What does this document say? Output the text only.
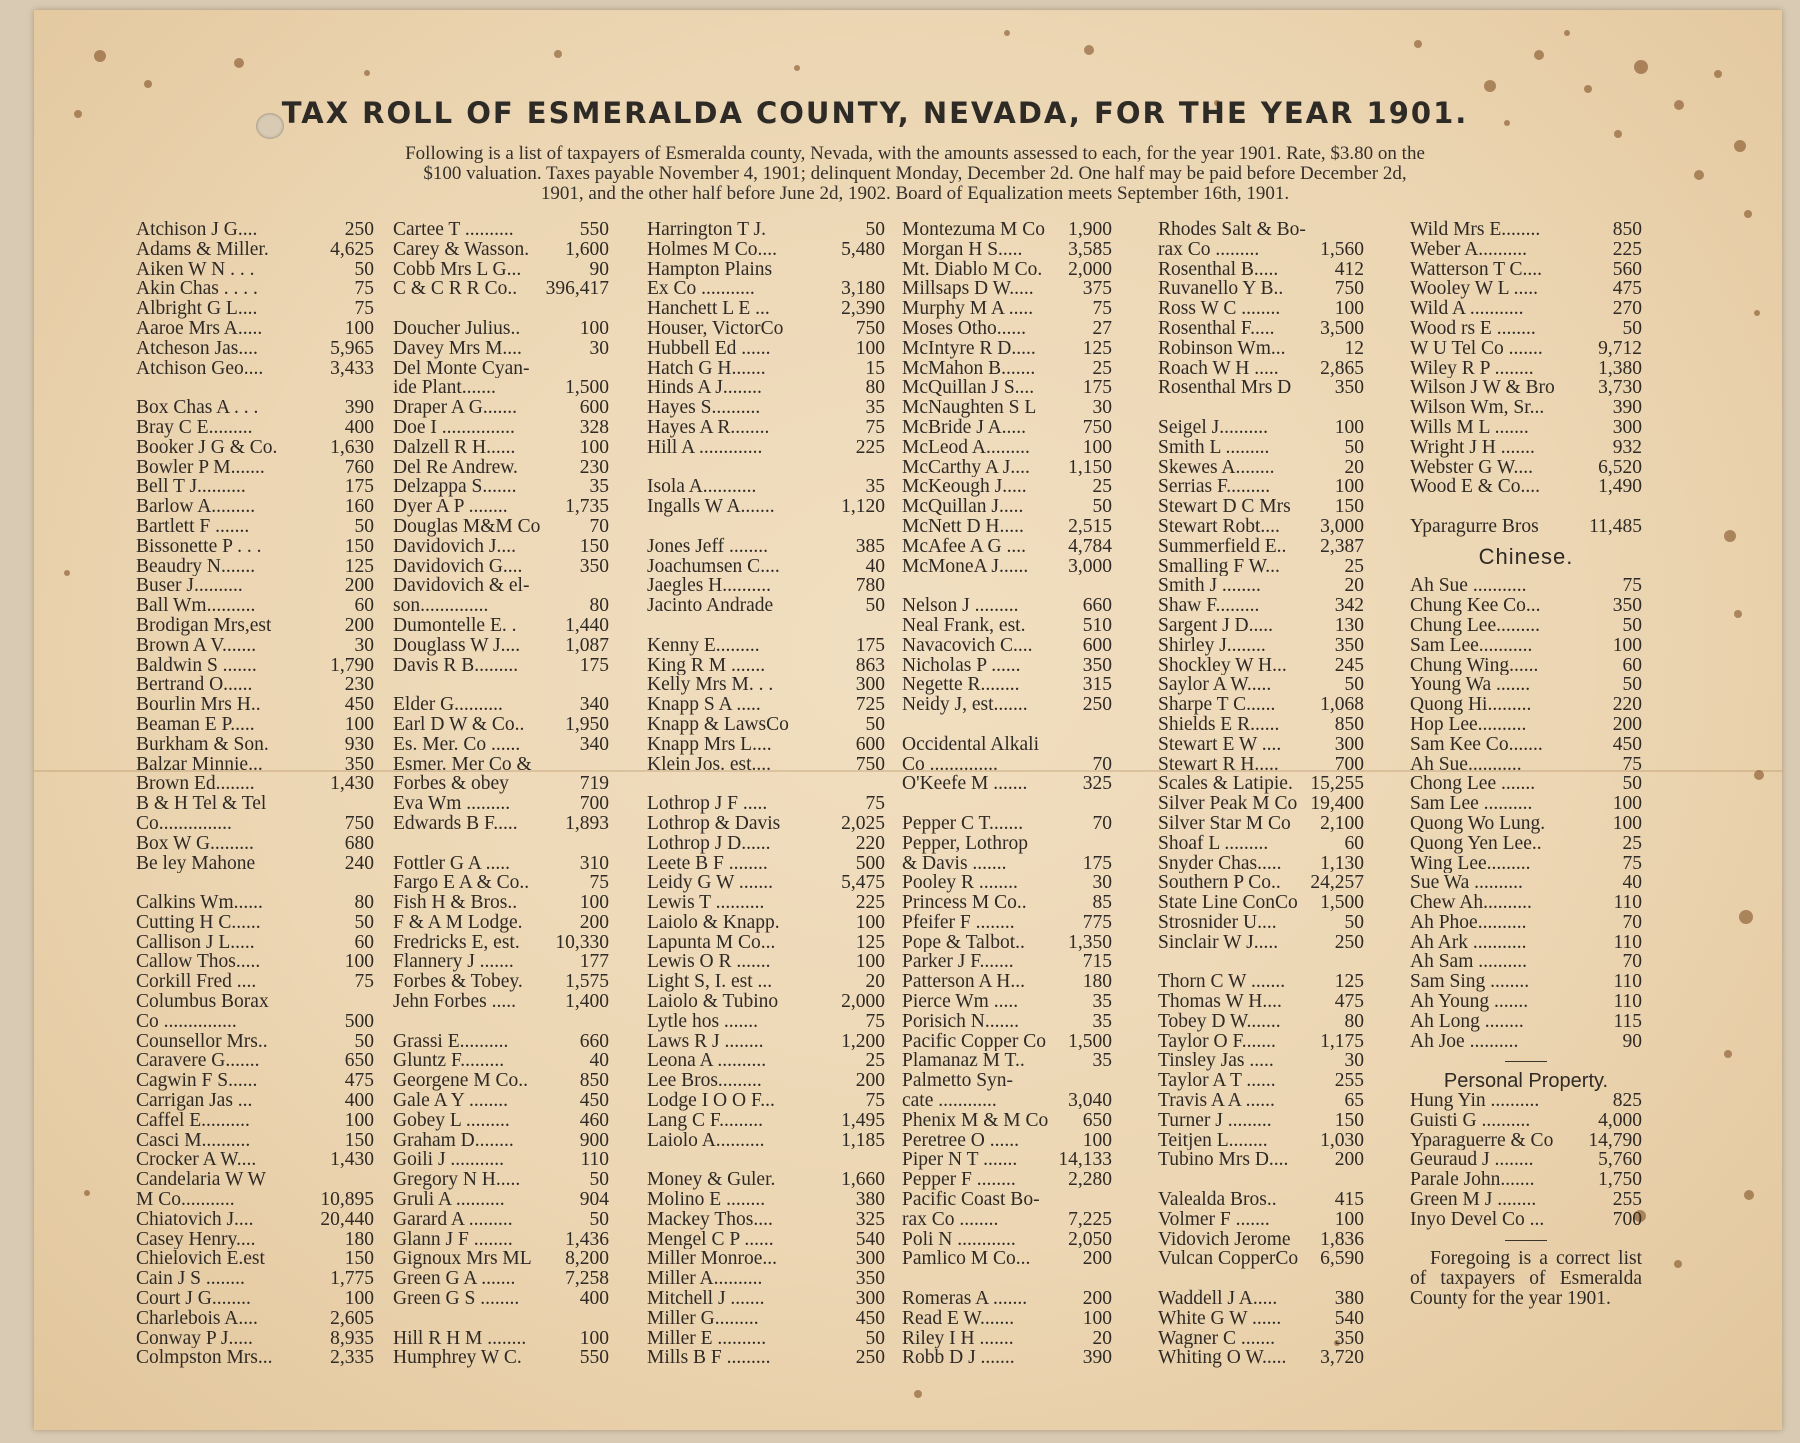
TAX ROLL OF ESMERALDA COUNTY, NEVADA, FOR THE YEAR 1901.
Following is a list of taxpayers of Esmeralda county, Nevada, with the amounts assessed to each, for the year 1901. Rate, $3.80 on the
$100 valuation. Taxes payable November 4, 1901; delinquent Monday, December 2d. One half may be paid before December 2d,
1901, and the other half before June 2d, 1902. Board of Equalization meets September 16th, 1901.
Atchison J G....	250
Adams & Miller.	4,625
Aiken W N . . .	50
Akin Chas . . . .	75
Albright G L....	75
Aaroe Mrs A.....	100
Atcheson Jas....	5,965
Atchison Geo....	3,433
Box Chas A . . .	390
Bray C E.........	400
Booker J G & Co.	1,630
Bowler P M.......	760
Bell T J..........	175
Barlow A.........	160
Bartlett F .......	50
Bissonette P . . .	150
Beaudry N.......	125
Buser J..........	200
Ball Wm..........	60
Brodigan Mrs,est	200
Brown A V.......	30
Baldwin S .......	1,790
Bertrand O......	230
Bourlin Mrs H..	450
Beaman E P.....	100
Burkham & Son.	930
Balzar Minnie...	350
Brown Ed........	1,430
B & H Tel & Tel
Co...............	750
Box W G.........	680
Be ley Mahone	240
Calkins Wm......	80
Cutting H C......	50
Callison J L.....	60
Callow Thos.....	100
Corkill Fred ....	75
Columbus Borax
Co ...............	500
Counsellor Mrs..	50
Caravere G.......	650
Cagwin F S......	475
Carrigan Jas ...	400
Caffel E..........	100
Casci M..........	150
Crocker A W....	1,430
Candelaria W W
M Co...........	10,895
Chiatovich J....	20,440
Casey Henry....	180
Chielovich E.est	150
Cain J S ........	1,775
Court J G........	100
Charlebois A....	2,605
Conway P J.....	8,935
Colmpston Mrs...	2,335
Cartee T ..........	550
Carey & Wasson. 1,600
Cobb Mrs L G...	90
C & C R R Co.. 396,417
Doucher Julius..	100
Davey Mrs M....	30
Del Monte Cyan-
ide Plant.......	1,500
Draper A G.......	600
Doe I ...............	328
Dalzell R H......	100
Del Re Andrew.	230
Delzappa S.......	35
Dyer A P ........	1,735
Douglas M&M Co	70
Davidovich J....	150
Davidovich G....	350
Davidovich & el-
son..............	80
Dumontelle E. . 1,440
Douglass W J.... 1,087
Davis R B.........	175
Elder G..........	340
Earl D W & Co.. 1,950
Es. Mer. Co ......	340
Esmer. Mer Co &
Forbes & obey	719
Eva Wm .........	700
Edwards B F..... 1,893
Fottler G A .....	310
Fargo E A & Co..	75
Fish H & Bros..	100
F & A M Lodge.	200
Fredricks E, est. 10,330
Flannery J .......	177
Forbes & Tobey. 1,575
Jehn Forbes .....	1,400
Grassi E..........	660
Gluntz F.........	40
Georgene M Co..	850
Gale A Y ........	450
Gobey L .........	460
Graham D........	900
Goili J ...........	110
Gregory N H.....	50
Gruli A ..........	904
Garard A .........	50
Glann J F ........	1,436
Gignoux Mrs ML 8,200
Green G A .......	7,258
Green G S ........	400
Hill R H M ........	100
Humphrey W C.	550
Harrington T J.	50
Holmes M Co....	5,480
Hampton Plains
Ex Co ...........	3,180
Hanchett L E ...	2,390
Houser, VictorCo	750
Hubbell Ed ......	100
Hatch G H.......	15
Hinds A J........	80
Hayes S..........	35
Hayes A R........	75
Hill A .............	225
Isola A...........	35
Ingalls W A.......	1,120
Jones Jeff ........	385
Joachumsen C....	40
Jaegles H..........	780
Jacinto Andrade	50
Kenny E.........	175
King R M .......	863
Kelly Mrs M. . .	300
Knapp S A .....	725
Knapp & LawsCo	50
Knapp Mrs L....	600
Klein Jos. est....	750
Lothrop J F .....	75
Lothrop & Davis	2,025
Lothrop J D......	220
Leete B F ........	500
Leidy G W .......	5,475
Lewis T ..........	225
Laiolo & Knapp.	100
Lapunta M Co...	125
Lewis O R .......	100
Light S, I. est ...	20
Laiolo & Tubino	2,000
Lytle hos .......	75
Laws R J ........	1,200
Leona A ..........	25
Lee Bros.........	200
Lodge I O O F...	75
Lang C F.........	1,495
Laiolo A..........	1,185
Money & Guler.	1,660
Molino E ........	380
Mackey Thos....	325
Mengel C P ......	540
Miller Monroe...	300
Miller A..........	350
Mitchell J .......	300
Miller G.........	450
Miller E ..........	50
Mills B F .........	250
Montezuma M Co 1,900
Morgan H S..... 3,585
Mt. Diablo M Co. 2,000
Millsaps D W.....	375
Murphy M A .....	75
Moses Otho......	27
McIntyre R D..... 125
McMahon B.......	25
McQuillan J S.... 175
McNaughten S L	30
McBride J A.....	750
McLeod A.........	100
McCarthy A J.... 1,150
McKeough J.....	25
McQuillan J.....	50
McNett D H..... 2,515
McAfee A G .... 4,784
McMoneA J...... 3,000
Nelson J .........	660
Neal Frank, est.	510
Navacovich C....	600
Nicholas P ......	350
Negette R........	315
Neidy J, est.......	250
Occidental Alkali
Co ..............	70
O'Keefe M .......	325
Pepper C T.......	70
Pepper, Lothrop
& Davis .......	175
Pooley R ........	30
Princess M Co..	85
Pfeifer F ........	775
Pope & Talbot.. 1,350
Parker J F.......	715
Patterson A H...	180
Pierce Wm .....	35
Porisich N.......	35
Pacific Copper Co 1,500
Plamanaz M T..	35
Palmetto Syn-
cate ............	3,040
Phenix M & M Co 650
Peretree O ......	100
Piper N T ....... 14,133
Pepper F ........	2,280
Pacific Coast Bo-
rax Co ........	7,225
Poli N ............	2,050
Pamlico M Co...	200
Romeras A .......	200
Read E W.......	100
Riley I H .......	20
Robb D J .......	390
Rhodes Salt & Bo-
rax Co .........	1,560
Rosenthal B.....	412
Ruvanello Y B..	750
Ross W C ........	100
Rosenthal F..... 3,500
Robinson Wm...	12
Roach W H ..... 2,865
Rosenthal Mrs D 350
Seigel J..........	100
Smith L .........	50
Skewes A........	20
Serrias F.........	100
Stewart D C Mrs 150
Stewart Robt.... 3,000
Summerfield E.. 2,387
Smalling F W...	25
Smith J ........	20
Shaw F.........	342
Sargent J D.....	130
Shirley J........	350
Shockley W H... 245
Saylor A W.....	50
Sharpe T C...... 1,068
Shields E R......	850
Stewart E W ....	300
Stewart R H.....	700
Scales & Latipie. 15,255
Silver Peak M Co 19,400
Silver Star M Co 2,100
Shoaf L .........	60
Snyder Chas..... 1,130
Southern P Co.. 24,257
State Line ConCo 1,500
Strosnider U....	50
Sinclair W J.....	250
Thorn C W .......	125
Thomas W H....	475
Tobey D W.......	80
Taylor O F....... 1,175
Tinsley Jas .....	30
Taylor A T ......	255
Travis A A ......	65
Turner J .........	150
Teitjen L........	1,030
Tubino Mrs D.... 200
Valealda Bros..	415
Volmer F .......	100
Vidovich Jerome 1,836
Vulcan CopperCo 6,590
Waddell J A.....	380
White G W ......	540
Wagner C .......	350
Whiting O W..... 3,720
Wild Mrs E........	850
Weber A..........	225
Watterson T C....	560
Wooley W L .....	475
Wild A ...........	270
Wood rs E ........	50
W U Tel Co .......	9,712
Wiley R P ........	1,380
Wilson J W & Bro 3,730
Wilson Wm, Sr...	390
Wills M L .......	300
Wright J H .......	932
Webster G W....	6,520
Wood E & Co....	1,490
Yparagurre Bros	11,485
Chinese.
Ah Sue ...........	75
Chung Kee Co...	350
Chung Lee.........	50
Sam Lee...........	100
Chung Wing......	60
Young Wa .......	50
Quong Hi.........	220
Hop Lee..........	200
Sam Kee Co.......	450
Ah Sue...........	75
Chong Lee .......	50
Sam Lee ..........	100
Quong Wo Lung.	100
Quong Yen Lee..	25
Wing Lee.........	75
Sue Wa ..........	40
Chew Ah..........	110
Ah Phoe..........	70
Ah Ark ...........	110
Ah Sam ..........	70
Sam Sing ........	110
Ah Young .......	110
Ah Long ........	115
Ah Joe ..........	90
Personal Property.
Hung Yin ..........	825
Guisti G ..........	4,000
Yparaguerre & Co 14,790
Geuraud J ........	5,760
Parale John.......	1,750
Green M J ........	255
Inyo Devel Co ...	700

Foregoing is a correct list of taxpayers of Esmeralda County for the year 1901.
